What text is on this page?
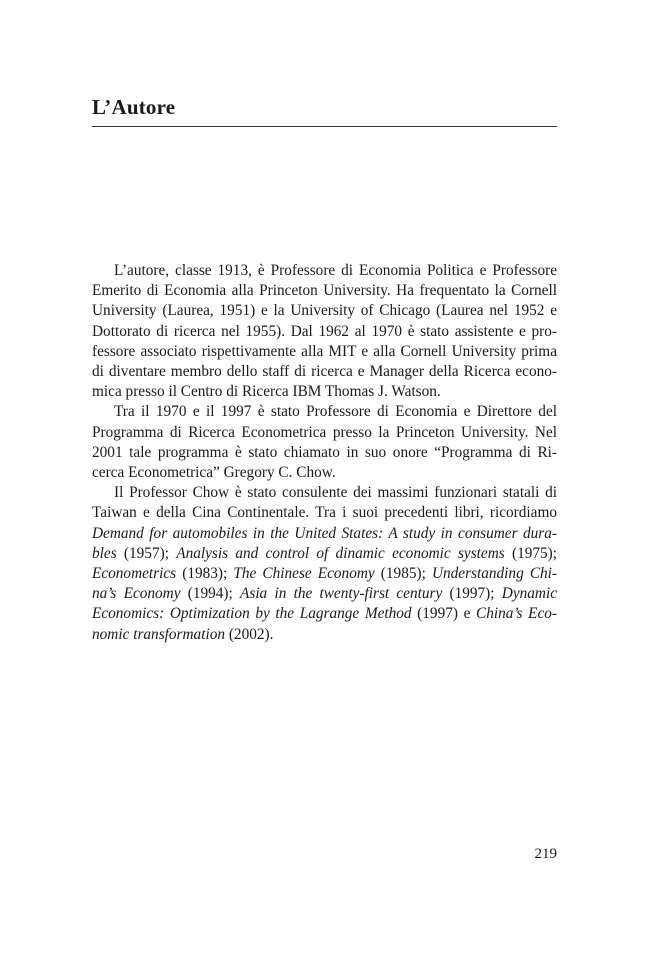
L’Autore

L’autore, classe 1913, è Professore di Economia Politica e Professore
Emerito di Economia alla Princeton University. Ha frequentato la Cornell
University (Laurea, 1951) e la University of Chicago (Laurea nel 1952 e
Dottorato di ricerca nel 1955). Dal 1962 al 1970 è stato assistente e pro-
fessore associato rispettivamente alla MIT e alla Cornell University prima
di diventare membro dello staff di ricerca e Manager della Ricerca econo-
mica presso il Centro di Ricerca IBM Thomas J. Watson.

Tra il 1970 e il 1997 è stato Professore di Economia e Direttore del
Programma di Ricerca Econometrica presso la Princeton University. Nel
2001 tale programma è stato chiamato in suo onore “Programma di Ri-
cerca Econometrica” Gregory C. Chow.

Il Professor Chow è stato consulente dei massimi funzionari statali di
Taiwan e della Cina Continentale. Tra i suoi precedenti libri, ricordiamo
Demand for automobiles in the United States: A study in consumer dura-
bles (1957); Analysis and control of dinamic economic systems (1975);
Econometrics (1983); The Chinese Economy (1985); Understanding Chi-
na’s Economy (1994); Asia in the twenty-first century (1997); Dynamic
Economics: Optimization by the Lagrange Method (1997) e China’s Eco-
nomic transformation (2002).

219
